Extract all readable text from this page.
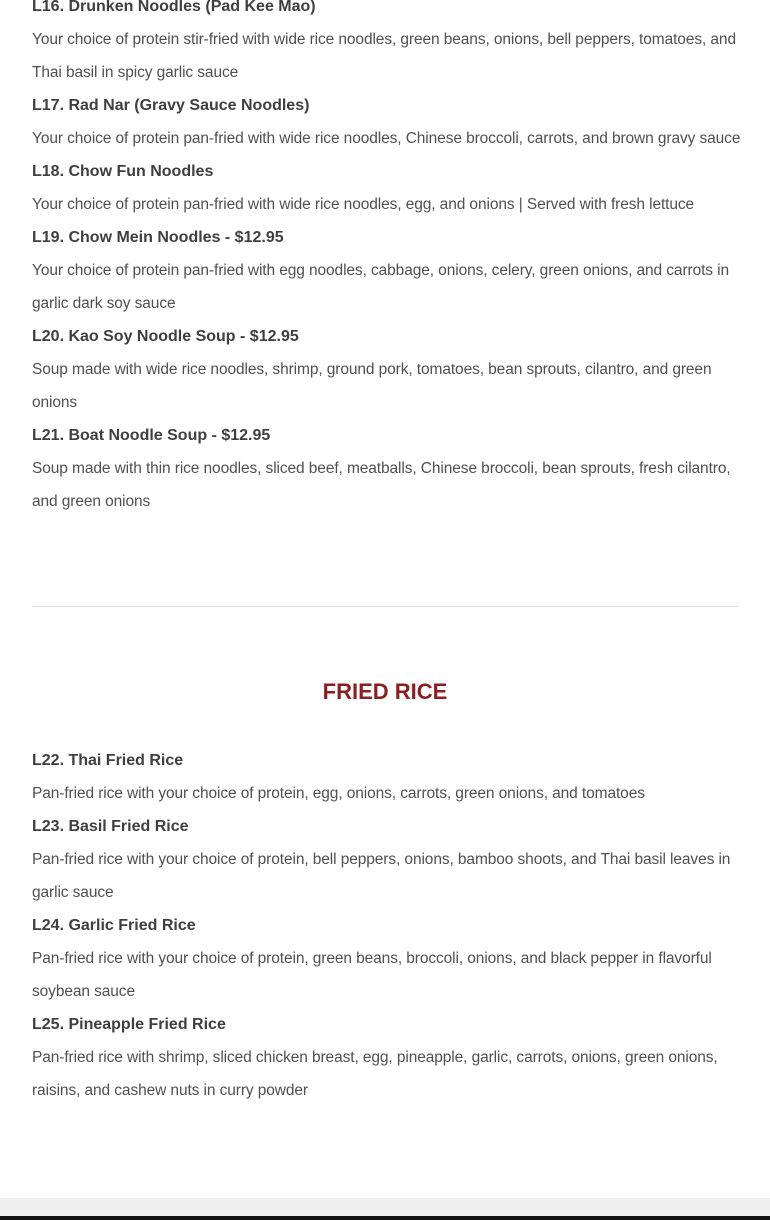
L16. Drunken Noodles (Pad Kee Mao)
Your choice of protein stir-fried with wide rice noodles, green beans, onions, bell peppers, tomatoes, and Thai basil in spicy garlic sauce
L17. Rad Nar (Gravy Sauce Noodles)
Your choice of protein pan-fried with wide rice noodles, Chinese broccoli, carrots, and brown gravy sauce
L18. Chow Fun Noodles
Your choice of protein pan-fried with wide rice noodles, egg, and onions | Served with fresh lettuce
L19. Chow Mein Noodles - $12.95
Your choice of protein pan-fried with egg noodles, cabbage, onions, celery, green onions, and carrots in garlic dark soy sauce
L20. Kao Soy Noodle Soup - $12.95
Soup made with wide rice noodles, shrimp, ground pork, tomatoes, bean sprouts, cilantro, and green onions
L21. Boat Noodle Soup - $12.95
Soup made with thin rice noodles, sliced beef, meatballs, Chinese broccoli, bean sprouts, fresh cilantro, and green onions
FRIED RICE
L22. Thai Fried Rice
Pan-fried rice with your choice of protein, egg, onions, carrots, green onions, and tomatoes
L23. Basil Fried Rice
Pan-fried rice with your choice of protein, bell peppers, onions, bamboo shoots, and Thai basil leaves in garlic sauce
L24. Garlic Fried Rice
Pan-fried rice with your choice of protein, green beans, broccoli, onions, and black pepper in flavorful soybean sauce
L25. Pineapple Fried Rice
Pan-fried rice with shrimp, sliced chicken breast, egg, pineapple, garlic, carrots, onions, green onions, raisins, and cashew nuts in curry powder
